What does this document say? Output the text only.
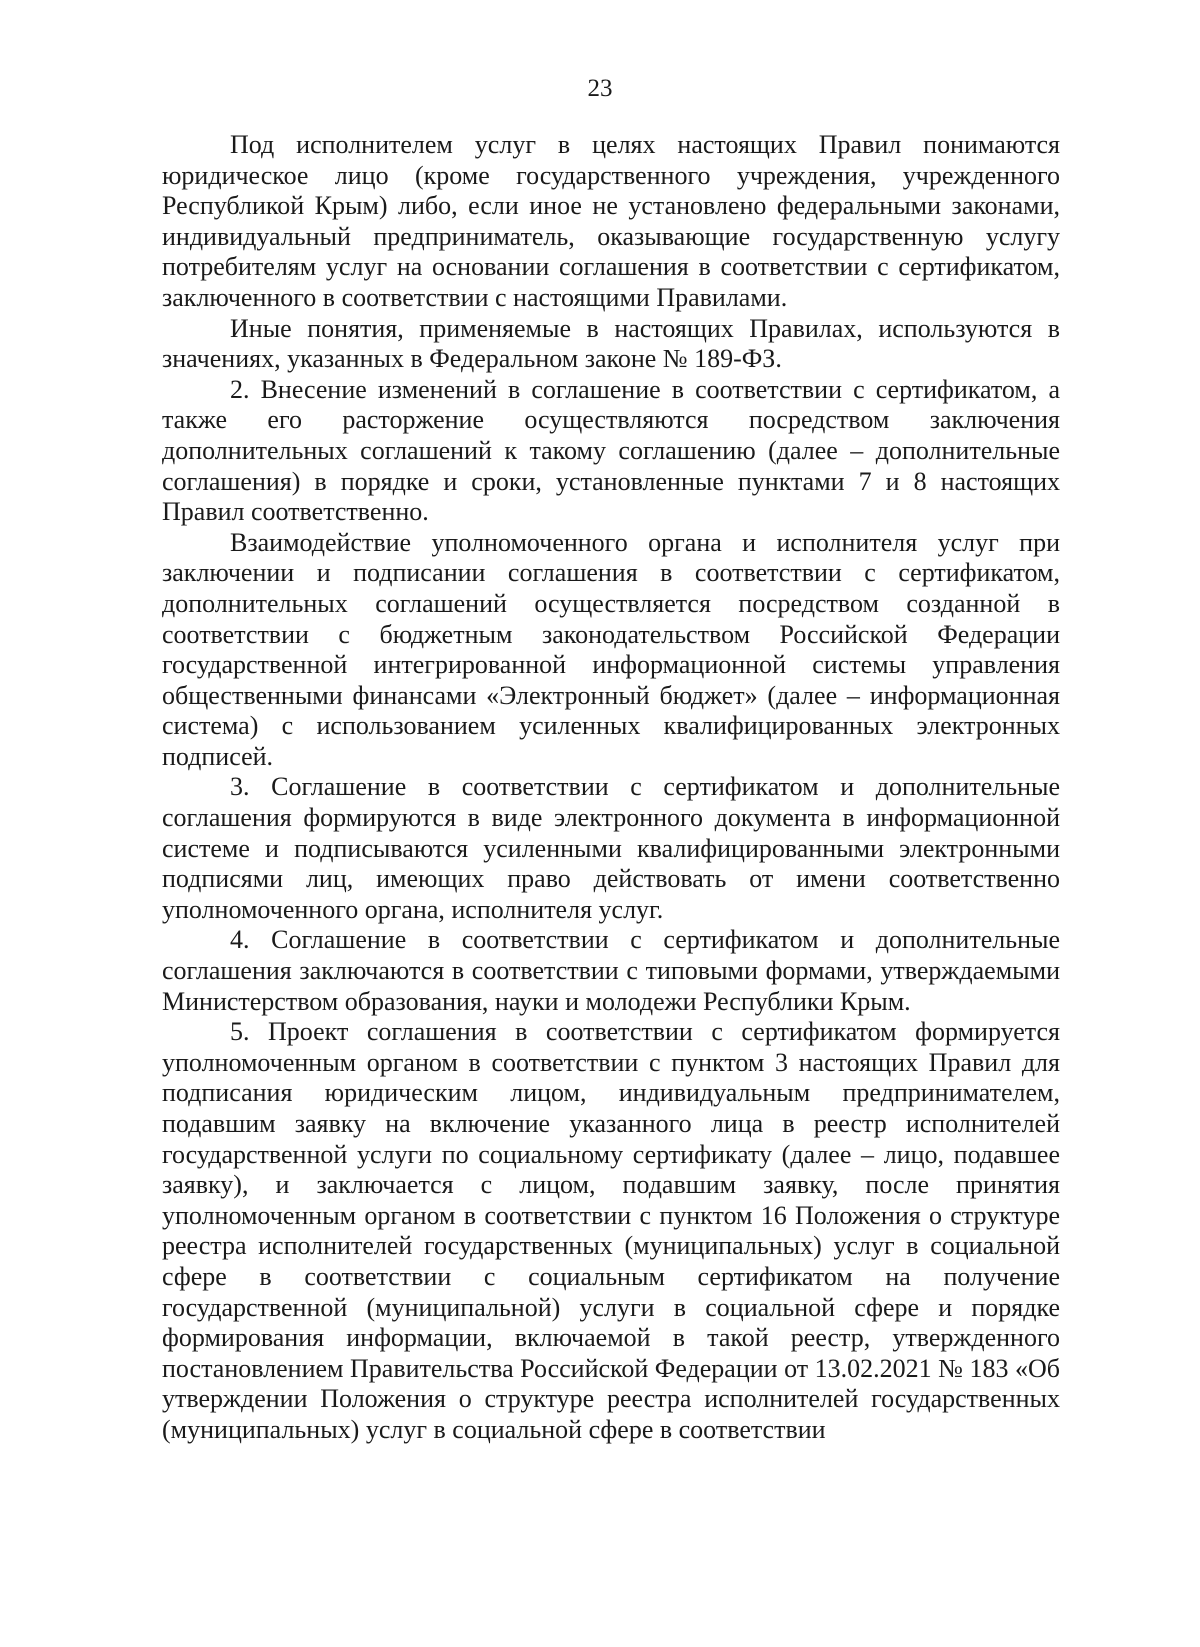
23

Под исполнителем услуг в целях настоящих Правил понимаются юридическое лицо (кроме государственного учреждения, учрежденного Республикой Крым) либо, если иное не установлено федеральными законами, индивидуальный предприниматель, оказывающие государственную услугу потребителям услуг на основании соглашения в соответствии с сертификатом, заключенного в соответствии с настоящими Правилами.

Иные понятия, применяемые в настоящих Правилах, используются в значениях, указанных в Федеральном законе № 189-ФЗ.

2. Внесение изменений в соглашение в соответствии с сертификатом, а также его расторжение осуществляются посредством заключения дополнительных соглашений к такому соглашению (далее – дополнительные соглашения) в порядке и сроки, установленные пунктами 7 и 8 настоящих Правил соответственно.

Взаимодействие уполномоченного органа и исполнителя услуг при заключении и подписании соглашения в соответствии с сертификатом, дополнительных соглашений осуществляется посредством созданной в соответствии с бюджетным законодательством Российской Федерации государственной интегрированной информационной системы управления общественными финансами «Электронный бюджет» (далее – информационная система) с использованием усиленных квалифицированных электронных подписей.

3. Соглашение в соответствии с сертификатом и дополнительные соглашения формируются в виде электронного документа в информационной системе и подписываются усиленными квалифицированными электронными подписями лиц, имеющих право действовать от имени соответственно уполномоченного органа, исполнителя услуг.

4. Соглашение в соответствии с сертификатом и дополнительные соглашения заключаются в соответствии с типовыми формами, утверждаемыми Министерством образования, науки и молодежи Республики Крым.

5. Проект соглашения в соответствии с сертификатом формируется уполномоченным органом в соответствии с пунктом 3 настоящих Правил для подписания юридическим лицом, индивидуальным предпринимателем, подавшим заявку на включение указанного лица в реестр исполнителей государственной услуги по социальному сертификату (далее – лицо, подавшее заявку), и заключается с лицом, подавшим заявку, после принятия уполномоченным органом в соответствии с пунктом 16 Положения о структуре реестра исполнителей государственных (муниципальных) услуг в социальной сфере в соответствии с социальным сертификатом на получение государственной (муниципальной) услуги в социальной сфере и порядке формирования информации, включаемой в такой реестр, утвержденного постановлением Правительства Российской Федерации от 13.02.2021 № 183 «Об утверждении Положения о структуре реестра исполнителей государственных (муниципальных) услуг в социальной сфере в соответствии
